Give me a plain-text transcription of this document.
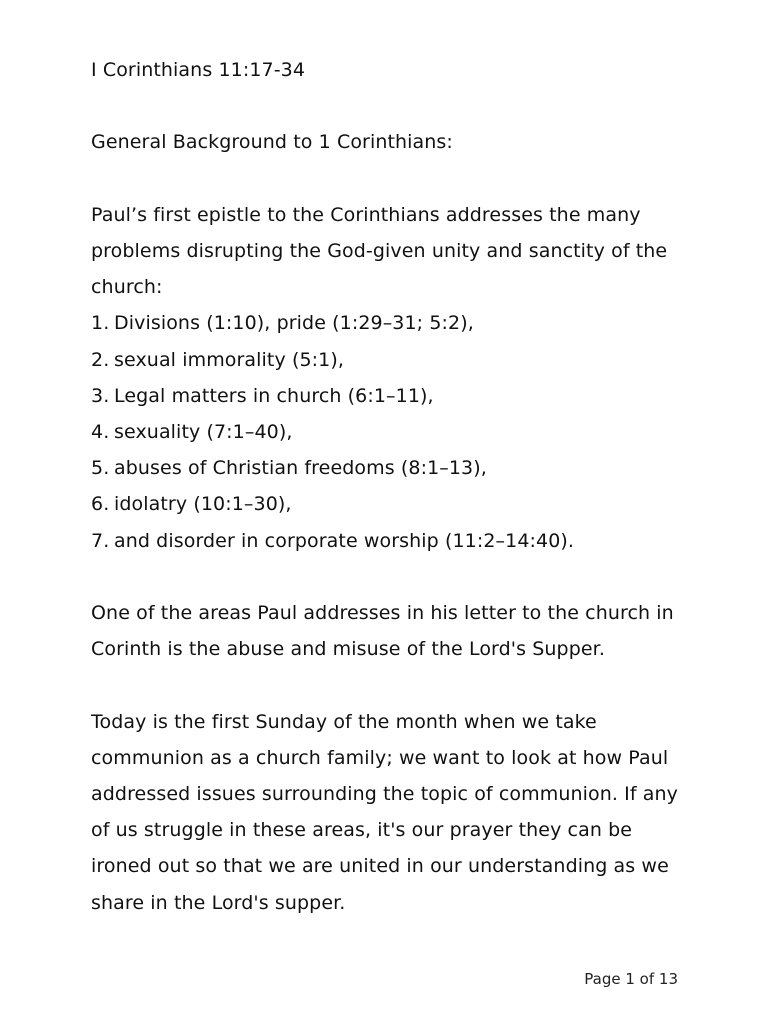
I Corinthians 11:17-34

General Background to 1 Corinthians:

Paul’s first epistle to the Corinthians addresses the many problems disrupting the God-given unity and sanctity of the church:

1. Divisions (1:10), pride (1:29–31; 5:2),
2. sexual immorality (5:1),
3. Legal matters in church (6:1–11),
4. sexuality (7:1–40),
5. abuses of Christian freedoms (8:1–13),
6. idolatry (10:1–30),
7. and disorder in corporate worship (11:2–14:40).

One of the areas Paul addresses in his letter to the church in Corinth is the abuse and misuse of the Lord's Supper.

Today is the first Sunday of the month when we take communion as a church family; we want to look at how Paul addressed issues surrounding the topic of communion. If any of us struggle in these areas, it's our prayer they can be ironed out so that we are united in our understanding as we share in the Lord's supper.

Page 1 of 13
